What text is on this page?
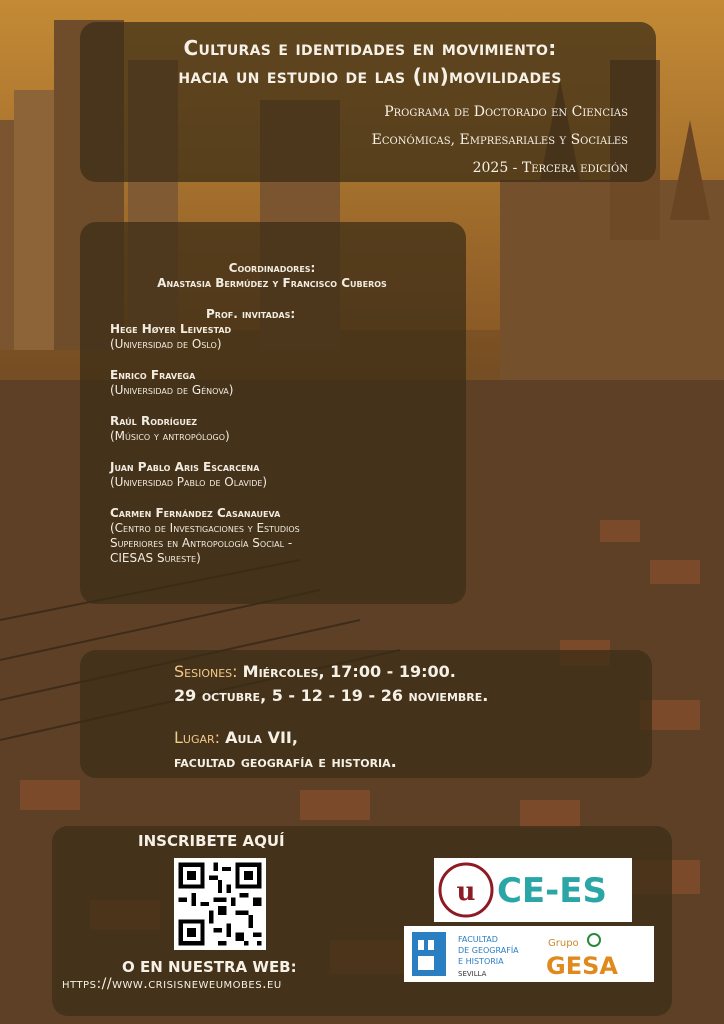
Culturas e identidades en movimiento:
hacia un estudio de las (in)movilidades
Programa de Doctorado en Ciencias
Económicas, Empresariales y Sociales
2025 - Tercera edición
Coordinadores:
Anastasia Bermúdez y Francisco Cuberos
Prof. invitadas:
Hege Høyer Leivestad
(Universidad de Oslo)
Enrico Fravega
(Universidad de Génova)
Raúl Rodríguez
(Músico y antropólogo)
Juan Pablo Aris Escarcena
(Universidad Pablo de Olavide)
Carmen Fernández Casanaueva
(Centro de Investigaciones y Estudios
Superiores en Antropología Social -
CIESAS Sureste)
Sesiones: Miércoles, 17:00 - 19:00.
29 octubre, 5 - 12 - 19 - 26 noviembre.
Lugar: Aula VII,
facultad geografía e historia.
INSCRIBETE AQUÍ
O EN NUESTRA WEB:
https://www.crisisneweumobes.eu
u CE-ES
FACULTAD
DE GEOGRAFÍA
E HISTORIA
SEVILLA
Grupo
GESA
